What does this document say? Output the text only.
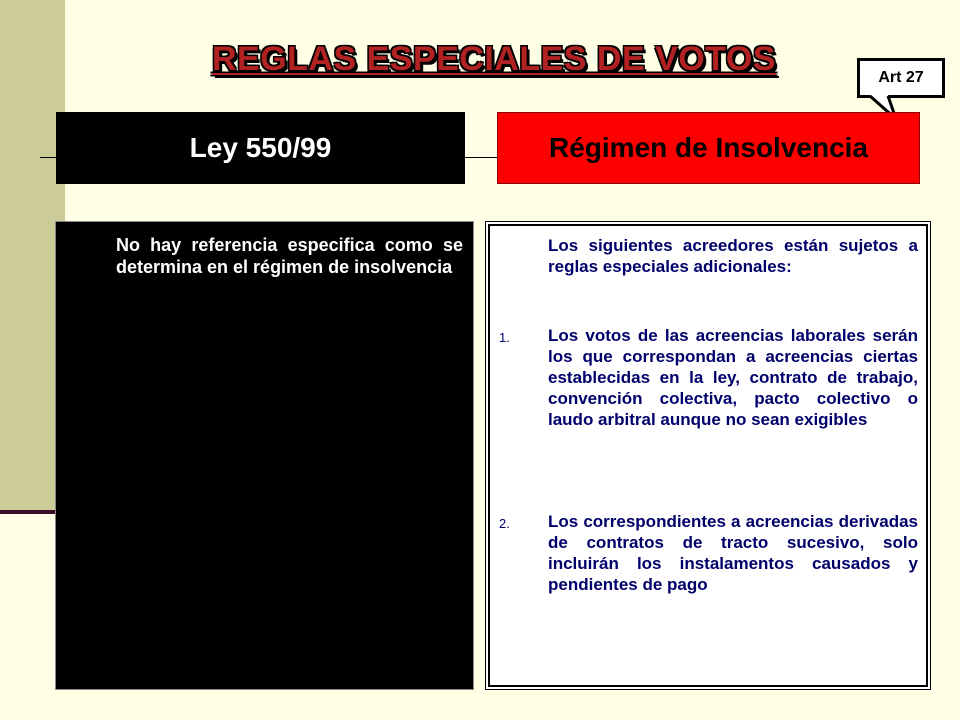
REGLAS ESPECIALES DE VOTOS	Art 27
Ley 550/99	Régimen de Insolvencia
No hay referencia especifica como se determina en el régimen de insolvencia
Los siguientes acreedores están sujetos a reglas especiales adicionales:
1. Los votos de las acreencias laborales serán los que correspondan a acreencias ciertas establecidas en la ley, contrato de trabajo, convención colectiva, pacto colectivo o laudo arbitral aunque no sean exigibles
2. Los correspondientes a acreencias derivadas de contratos de tracto sucesivo, solo incluirán los instalamentos causados y pendientes de pago
